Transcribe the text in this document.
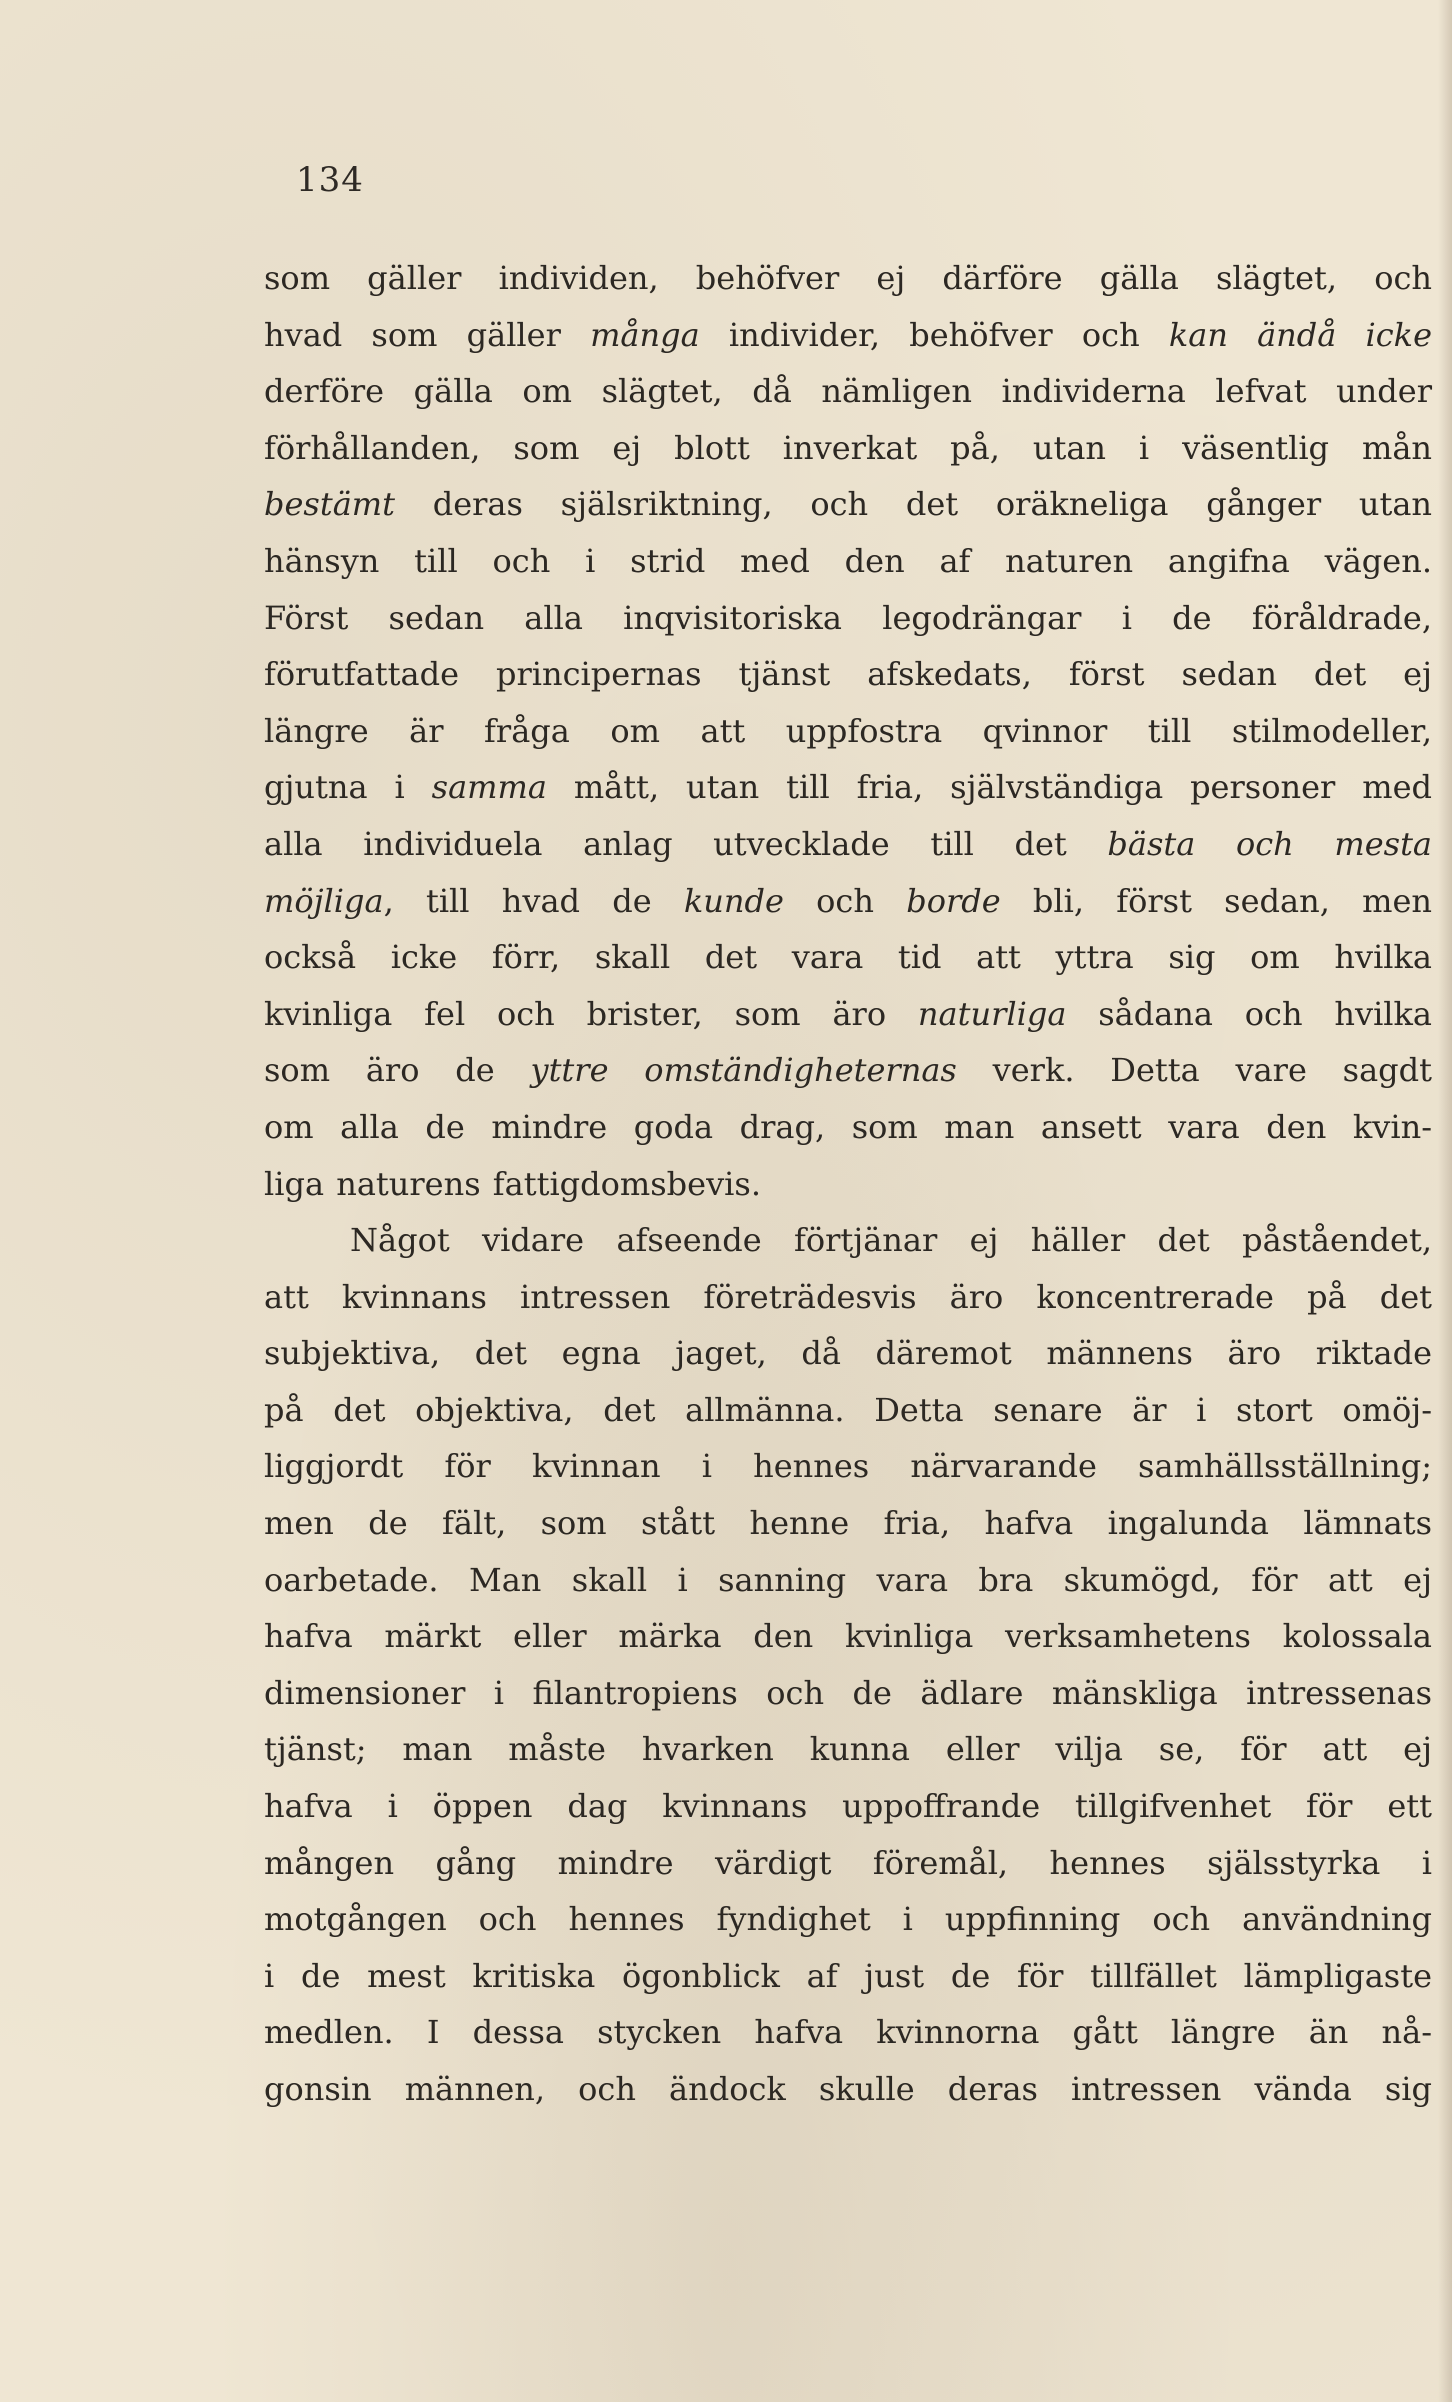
134
som gäller individen, behöfver ej därföre gälla slägtet, och
hvad som gäller många individer, behöfver och kan ändå icke
derföre gälla om slägtet, då nämligen individerna lefvat under
förhållanden, som ej blott inverkat på, utan i väsentlig mån
bestämt deras själsriktning, och det oräkneliga gånger utan
hänsyn till och i strid med den af naturen angifna vägen.
Först sedan alla inqvisitoriska legodrängar i de föråldrade,
förutfattade principernas tjänst afskedats, först sedan det ej
längre är fråga om att uppfostra qvinnor till stilmodeller,
gjutna i samma mått, utan till fria, självständiga personer med
alla individuela anlag utvecklade till det bästa och mesta
möjliga, till hvad de kunde och borde bli, först sedan, men
också icke förr, skall det vara tid att yttra sig om hvilka
kvinliga fel och brister, som äro naturliga sådana och hvilka
som äro de yttre omständigheternas verk. Detta vare sagdt
om alla de mindre goda drag, som man ansett vara den kvin-
liga naturens fattigdomsbevis.
Något vidare afseende förtjänar ej häller det påståendet,
att kvinnans intressen företrädesvis äro koncentrerade på det
subjektiva, det egna jaget, då däremot männens äro riktade
på det objektiva, det allmänna. Detta senare är i stort omöj-
liggjordt för kvinnan i hennes närvarande samhällsställning;
men de fält, som stått henne fria, hafva ingalunda lämnats
oarbetade. Man skall i sanning vara bra skumögd, för att ej
hafva märkt eller märka den kvinliga verksamhetens kolossala
dimensioner i filantropiens och de ädlare mänskliga intressenas
tjänst; man måste hvarken kunna eller vilja se, för att ej
hafva i öppen dag kvinnans uppoffrande tillgifvenhet för ett
mången gång mindre värdigt föremål, hennes själsstyrka i
motgången och hennes fyndighet i uppfinning och användning
i de mest kritiska ögonblick af just de för tillfället lämpligaste
medlen. I dessa stycken hafva kvinnorna gått längre än nå-
gonsin männen, och ändock skulle deras intressen vända sig
